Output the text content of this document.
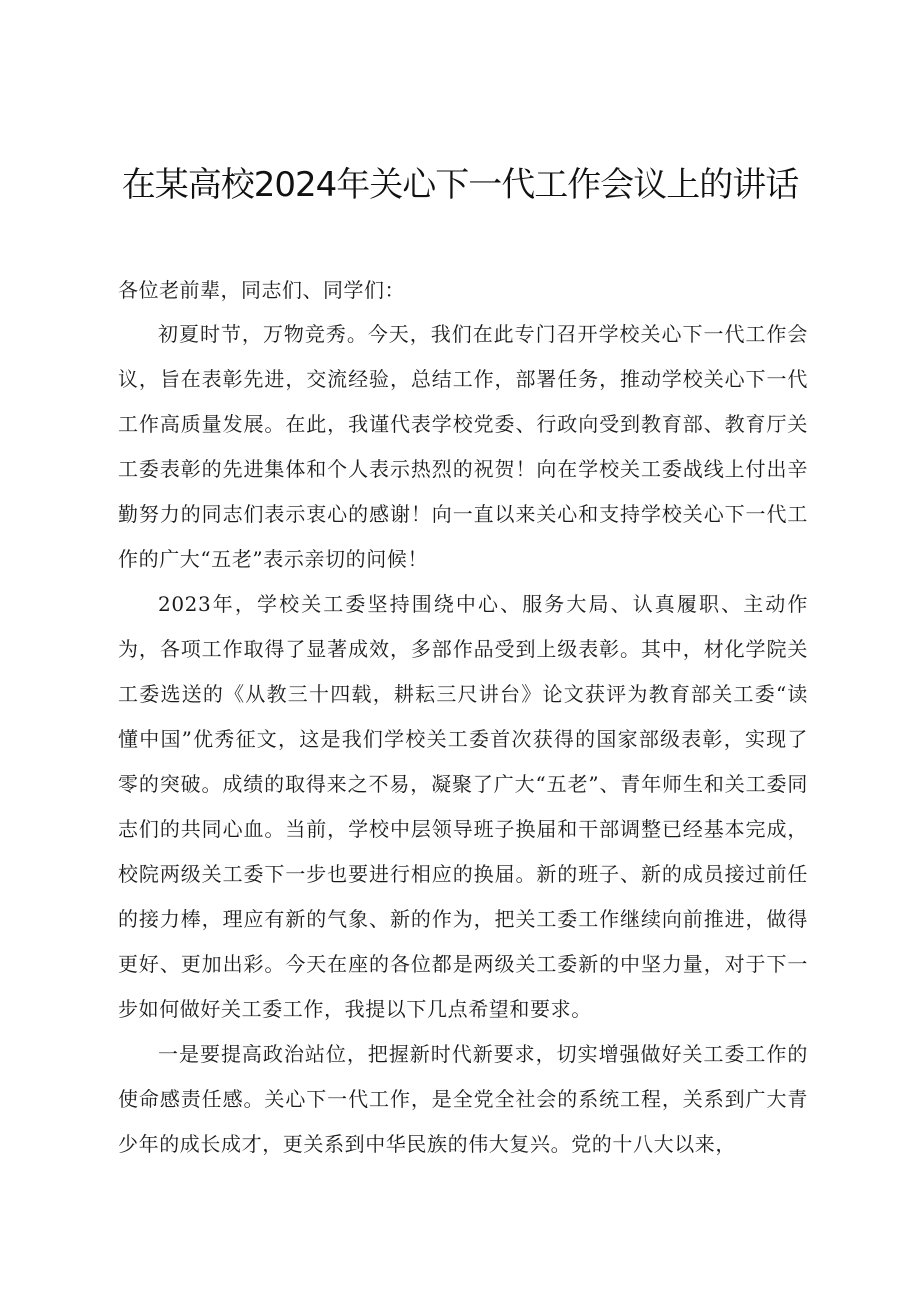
在某高校2024年关心下一代工作会议上的讲话

各位老前辈，同志们、同学们：

初夏时节，万物竞秀。今天，我们在此专门召开学校关心下一代工作会议，旨在表彰先进，交流经验，总结工作，部署任务，推动学校关心下一代工作高质量发展。在此，我谨代表学校党委、行政向受到教育部、教育厅关工委表彰的先进集体和个人表示热烈的祝贺！向在学校关工委战线上付出辛勤努力的同志们表示衷心的感谢！向一直以来关心和支持学校关心下一代工作的广大“五老”表示亲切的问候！

2023年，学校关工委坚持围绕中心、服务大局、认真履职、主动作为，各项工作取得了显著成效，多部作品受到上级表彰。其中，材化学院关工委选送的《从教三十四载，耕耘三尺讲台》论文获评为教育部关工委“读懂中国”优秀征文，这是我们学校关工委首次获得的国家部级表彰，实现了零的突破。成绩的取得来之不易，凝聚了广大“五老”、青年师生和关工委同志们的共同心血。当前，学校中层领导班子换届和干部调整已经基本完成，校院两级关工委下一步也要进行相应的换届。新的班子、新的成员接过前任的接力棒，理应有新的气象、新的作为，把关工委工作继续向前推进，做得更好、更加出彩。今天在座的各位都是两级关工委新的中坚力量，对于下一步如何做好关工委工作，我提以下几点希望和要求。

一是要提高政治站位，把握新时代新要求，切实增强做好关工委工作的使命感责任感。关心下一代工作，是全党全社会的系统工程，关系到广大青少年的成长成才，更关系到中华民族的伟大复兴。党的十八大以来，
